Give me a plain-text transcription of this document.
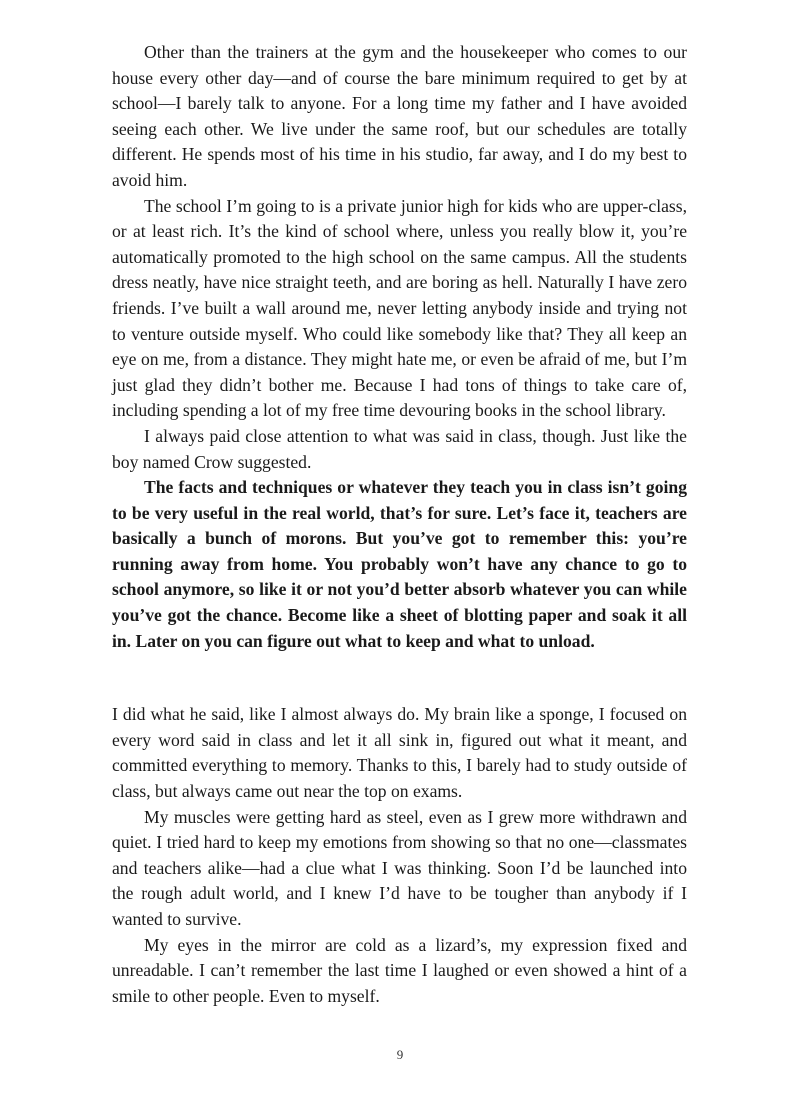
Other than the trainers at the gym and the housekeeper who comes to our house every other day—and of course the bare minimum required to get by at school—I barely talk to anyone. For a long time my father and I have avoided seeing each other. We live under the same roof, but our schedules are totally different. He spends most of his time in his studio, far away, and I do my best to avoid him.

The school I’m going to is a private junior high for kids who are upper-class, or at least rich. It’s the kind of school where, unless you really blow it, you’re automatically promoted to the high school on the same campus. All the students dress neatly, have nice straight teeth, and are boring as hell. Naturally I have zero friends. I’ve built a wall around me, never letting anybody inside and trying not to venture outside myself. Who could like somebody like that? They all keep an eye on me, from a distance. They might hate me, or even be afraid of me, but I’m just glad they didn’t bother me. Because I had tons of things to take care of, including spending a lot of my free time devouring books in the school library.

I always paid close attention to what was said in class, though. Just like the boy named Crow suggested.

The facts and techniques or whatever they teach you in class isn’t going to be very useful in the real world, that’s for sure. Let’s face it, teachers are basically a bunch of morons. But you’ve got to remember this: you’re running away from home. You probably won’t have any chance to go to school anymore, so like it or not you’d better absorb whatever you can while you’ve got the chance. Become like a sheet of blotting paper and soak it all in. Later on you can figure out what to keep and what to unload.

I did what he said, like I almost always do. My brain like a sponge, I focused on every word said in class and let it all sink in, figured out what it meant, and committed everything to memory. Thanks to this, I barely had to study outside of class, but always came out near the top on exams.

My muscles were getting hard as steel, even as I grew more withdrawn and quiet. I tried hard to keep my emotions from showing so that no one—classmates and teachers alike—had a clue what I was thinking. Soon I’d be launched into the rough adult world, and I knew I’d have to be tougher than anybody if I wanted to survive.

My eyes in the mirror are cold as a lizard’s, my expression fixed and unreadable. I can’t remember the last time I laughed or even showed a hint of a smile to other people. Even to myself.

9
